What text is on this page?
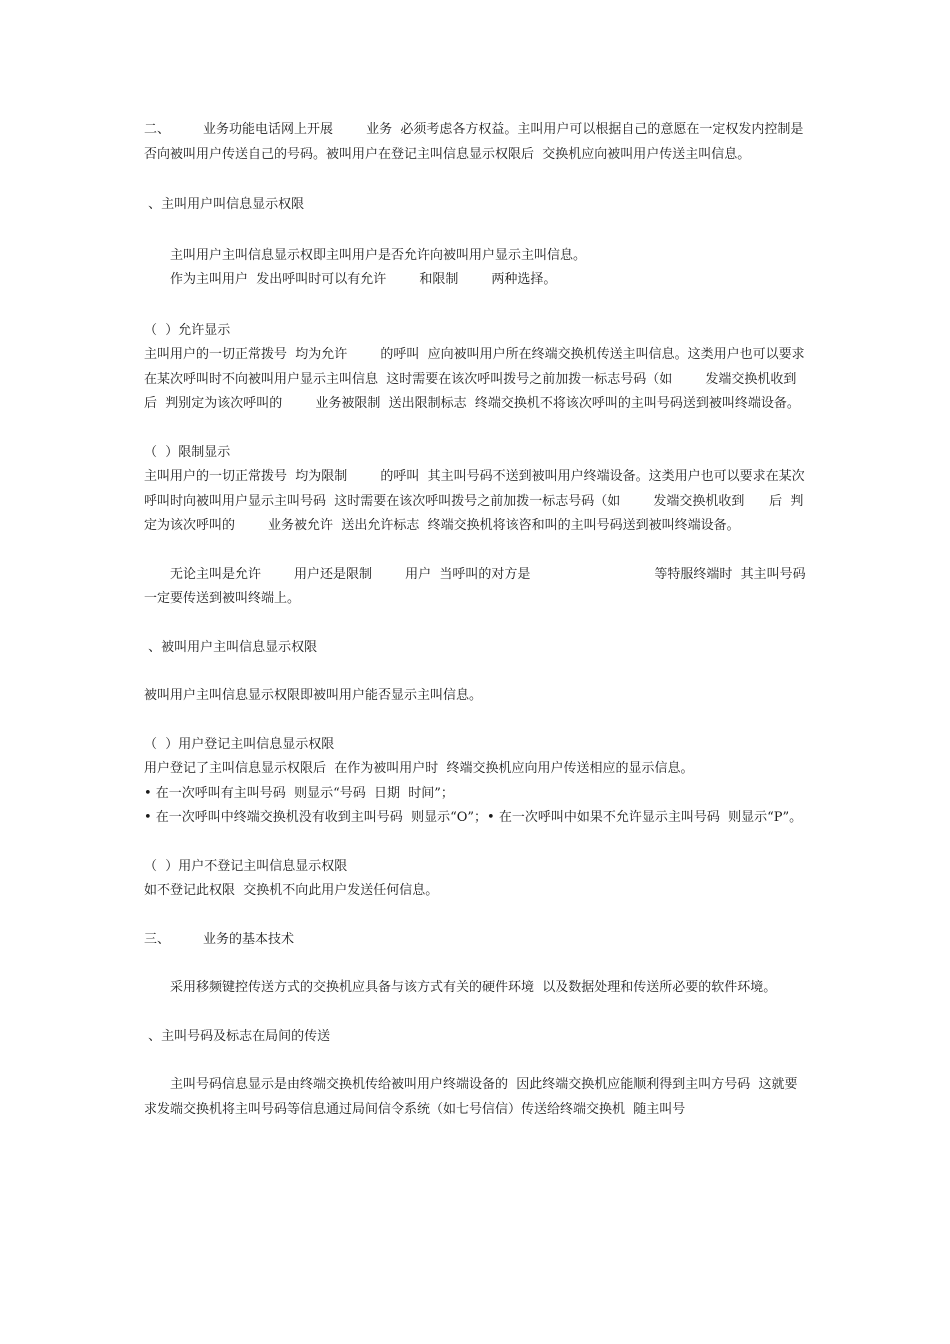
二、        业务功能电话网上开展        业务  必须考虑各方权益。主叫用户可以根据自己的意愿在一定权发内控制是否向被叫用户传送自己的号码。被叫用户在登记主叫信息显示权限后  交换机应向被叫用户传送主叫信息。

、主叫用户叫信息显示权限

主叫用户主叫信息显示权即主叫用户是否允许向被叫用户显示主叫信息。

作为主叫用户  发出呼叫时可以有允许        和限制        两种选择。

（  ）允许显示

主叫用户的一切正常拨号  均为允许        的呼叫  应向被叫用户所在终端交换机传送主叫信息。这类用户也可以要求在某次呼叫时不向被叫用户显示主叫信息  这时需要在该次呼叫拨号之前加拨一标志号码（如        发端交换机收到      后  判别定为该次呼叫的        业务被限制  送出限制标志  终端交换机不将该次呼叫的主叫号码送到被叫终端设备。

（  ）限制显示

主叫用户的一切正常拨号  均为限制        的呼叫  其主叫号码不送到被叫用户终端设备。这类用户也可以要求在某次呼叫时向被叫用户显示主叫号码  这时需要在该次呼叫拨号之前加拨一标志号码（如        发端交换机收到      后  判定为该次呼叫的        业务被允许  送出允许标志  终端交换机将该咨和叫的主叫号码送到被叫终端设备。

无论主叫是允许        用户还是限制        用户  当呼叫的对方是                              等特服终端时  其主叫号码一定要传送到被叫终端上。

、被叫用户主叫信息显示权限

被叫用户主叫信息显示权限即被叫用户能否显示主叫信息。

（  ）用户登记主叫信息显示权限

用户登记了主叫信息显示权限后  在作为被叫用户时  终端交换机应向用户传送相应的显示信息。

• 在一次呼叫有主叫号码  则显示“号码  日期  时间”；

• 在一次呼叫中终端交换机没有收到主叫号码  则显示“O”；• 在一次呼叫中如果不允许显示主叫号码  则显示“P”。

（  ）用户不登记主叫信息显示权限

如不登记此权限  交换机不向此用户发送任何信息。

三、        业务的基本技术

采用移频键控传送方式的交换机应具备与该方式有关的硬件环境  以及数据处理和传送所必要的软件环境。

、主叫号码及标志在局间的传送

主叫号码信息显示是由终端交换机传给被叫用户终端设备的  因此终端交换机应能顺利得到主叫方号码  这就要求发端交换机将主叫号码等信息通过局间信令系统（如七号信信）传送给终端交换机  随主叫号
